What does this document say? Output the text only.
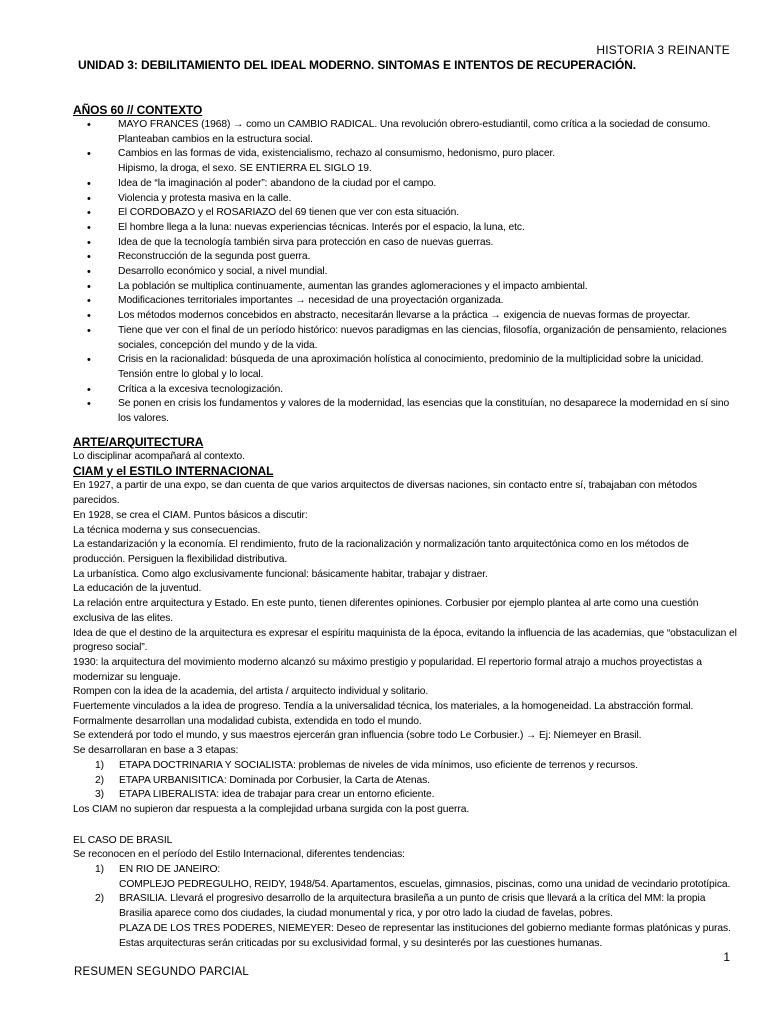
HISTORIA 3 REINANTE
UNIDAD 3: DEBILITAMIENTO DEL IDEAL MODERNO. SINTOMAS E INTENTOS DE RECUPERACIÓN.
AÑOS 60 // CONTEXTO
• MAYO FRANCES (1968) → como un CAMBIO RADICAL. Una revolución obrero-estudiantil, como crítica a la sociedad de consumo. Planteaban cambios en la estructura social.
• Cambios en las formas de vida, existencialismo, rechazo al consumismo, hedonismo, puro placer.
Hipismo, la droga, el sexo. SE ENTIERRA EL SIGLO 19.
• Idea de “la imaginación al poder”: abandono de la ciudad por el campo.
• Violencia y protesta masiva en la calle.
• El CORDOBAZO y el ROSARIAZO del 69 tienen que ver con esta situación.
• El hombre llega a la luna: nuevas experiencias técnicas. Interés por el espacio, la luna, etc.
• Idea de que la tecnología también sirva para protección en caso de nuevas guerras.
• Reconstrucción de la segunda post guerra.
• Desarrollo económico y social, a nivel mundial.
• La población se multiplica continuamente, aumentan las grandes aglomeraciones y el impacto ambiental.
• Modificaciones territoriales importantes → necesidad de una proyectación organizada.
• Los métodos modernos concebidos en abstracto, necesitarán llevarse a la práctica → exigencia de nuevas formas de proyectar.
• Tiene que ver con el final de un período histórico: nuevos paradigmas en las ciencias, filosofía, organización de pensamiento, relaciones sociales, concepción del mundo y de la vida.
• Crisis en la racionalidad: búsqueda de una aproximación holística al conocimiento, predominio de la multiplicidad sobre la unicidad. Tensión entre lo global y lo local.
• Crítica a la excesiva tecnologización.
• Se ponen en crisis los fundamentos y valores de la modernidad, las esencias que la constituían, no desaparece la modernidad en sí sino los valores.
ARTE/ARQUITECTURA
Lo disciplinar acompañará al contexto.
CIAM y el ESTILO INTERNACIONAL
En 1927, a partir de una expo, se dan cuenta de que varios arquitectos de diversas naciones, sin contacto entre sí, trabajaban con métodos parecidos.
En 1928, se crea el CIAM. Puntos básicos a discutir:
La técnica moderna y sus consecuencias.
La estandarización y la economía. El rendimiento, fruto de la racionalización y normalización tanto arquitectónica como en los métodos de producción. Persiguen la flexibilidad distributiva.
La urbanística. Como algo exclusivamente funcional: básicamente habitar, trabajar y distraer.
La educación de la juventud.
La relación entre arquitectura y Estado. En este punto, tienen diferentes opiniones. Corbusier por ejemplo plantea al arte como una cuestión exclusiva de las elites.
Idea de que el destino de la arquitectura es expresar el espíritu maquinista de la época, evitando la influencia de las academias, que “obstaculizan el progreso social”.
1930: la arquitectura del movimiento moderno alcanzó su máximo prestigio y popularidad. El repertorio formal atrajo a muchos proyectistas a modernizar su lenguaje.
Rompen con la idea de la academia, del artista / arquitecto individual y solitario.
Fuertemente vinculados a la idea de progreso. Tendía a la universalidad técnica, los materiales, a la homogeneidad. La abstracción formal. Formalmente desarrollan una modalidad cubista, extendida en todo el mundo.
Se extenderá por todo el mundo, y sus maestros ejercerán gran influencia (sobre todo Le Corbusier.) → Ej: Niemeyer en Brasil.
Se desarrollaran en base a 3 etapas:
1) ETAPA DOCTRINARIA Y SOCIALISTA: problemas de niveles de vida mínimos, uso eficiente de terrenos y recursos.
2) ETAPA URBANISITICA: Dominada por Corbusier, la Carta de Atenas.
3) ETAPA LIBERALISTA: idea de trabajar para crear un entorno eficiente.
Los CIAM no supieron dar respuesta a la complejidad urbana surgida con la post guerra.
EL CASO DE BRASIL
Se reconocen en el período del Estilo Internacional, diferentes tendencias:
1) EN RIO DE JANEIRO:
COMPLEJO PEDREGULHO, REIDY, 1948/54. Apartamentos, escuelas, gimnasios, piscinas, como una unidad de vecindario prototípica.
2) BRASILIA. Llevará el progresivo desarrollo de la arquitectura brasileña a un punto de crisis que llevará a la crítica del MM: la propia Brasilia aparece como dos ciudades, la ciudad monumental y rica, y por otro lado la ciudad de favelas, pobres.
PLAZA DE LOS TRES PODERES, NIEMEYER: Deseo de representar las instituciones del gobierno mediante formas platónicas y puras.
Estas arquitecturas serán criticadas por su exclusividad formal, y su desinterés por las cuestiones humanas.
1
RESUMEN SEGUNDO PARCIAL
